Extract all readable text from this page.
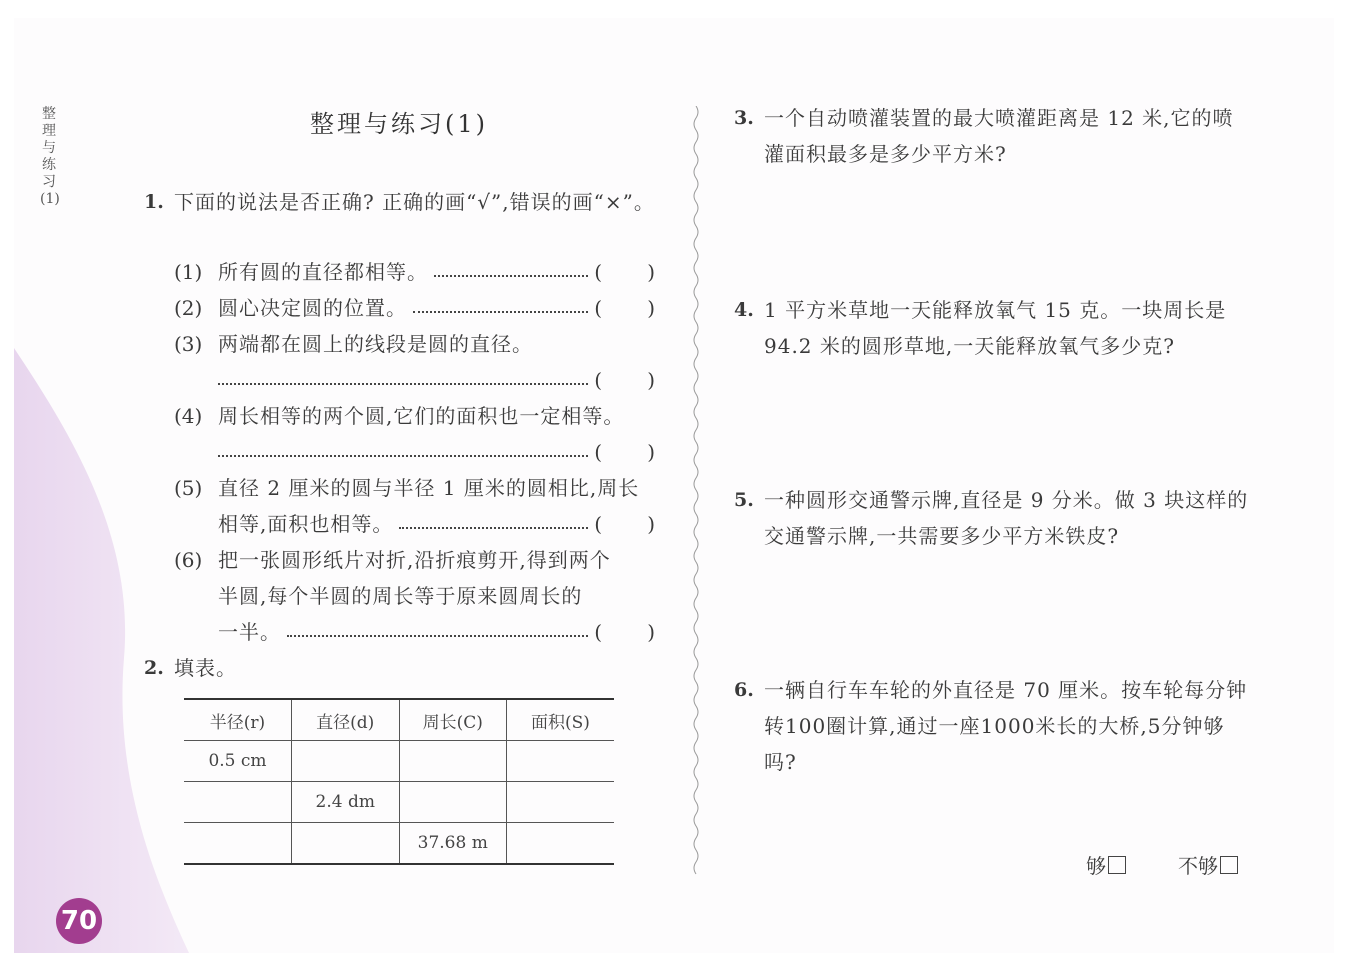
整理与练习(1)
70
整理与练习(1)
1. 下面的说法是否正确? 正确的画“√”,错误的画“×”。
(1) 所有圆的直径都相等。	(      )
(2) 圆心决定圆的位置。	(      )
(3) 两端都在圆上的线段是圆的直径。
(      )
(4) 周长相等的两个圆,它们的面积也一定相等。
(      )
(5) 直径 2 厘米的圆与半径 1 厘米的圆相比,周长
相等,面积也相等。	(      )
(6) 把一张圆形纸片对折,沿折痕剪开,得到两个
半圆,每个半圆的周长等于原来圆周长的
一半。	(      )
2. 填表。
半径(r)	直径(d)	周长(C)	面积(S)
0.5 cm			
	2.4 dm		
		37.68 m	
3. 一个自动喷灌装置的最大喷灌距离是 12 米,它的喷灌面积最多是多少平方米?
4. 1 平方米草地一天能释放氧气 15 克。一块周长是 94.2 米的圆形草地,一天能释放氧气多少克?
5. 一种圆形交通警示牌,直径是 9 分米。做 3 块这样的交通警示牌,一共需要多少平方米铁皮?
6. 一辆自行车车轮的外直径是 70 厘米。按车轮每分钟转100圈计算,通过一座1000米长的大桥,5分钟够吗?
够	不够
